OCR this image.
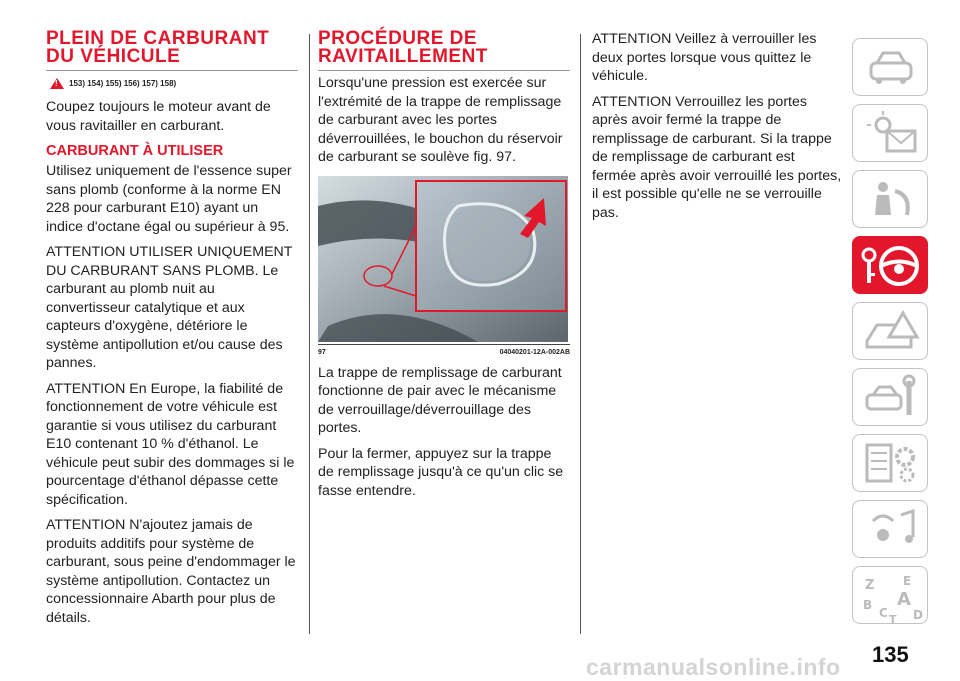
PLEIN DE CARBURANT DU VÉHICULE
! 153) 154) 155) 156) 157) 158)

Coupez toujours le moteur avant de vous ravitailler en carburant.

CARBURANT À UTILISER

Utilisez uniquement de l'essence super sans plomb (conforme à la norme EN 228 pour carburant E10) ayant un indice d'octane égal ou supérieur à 95.

ATTENTION UTILISER UNIQUEMENT DU CARBURANT SANS PLOMB. Le carburant au plomb nuit au convertisseur catalytique et aux capteurs d'oxygène, détériore le système antipollution et/ou cause des pannes.

ATTENTION En Europe, la fiabilité de fonctionnement de votre véhicule est garantie si vous utilisez du carburant E10 contenant 10 % d'éthanol. Le véhicule peut subir des dommages si le pourcentage d'éthanol dépasse cette spécification.

ATTENTION N'ajoutez jamais de produits additifs pour système de carburant, sous peine d'endommager le système antipollution. Contactez un concessionnaire Abarth pour plus de détails.

PROCÉDURE DE RAVITAILLEMENT

Lorsqu'une pression est exercée sur l'extrémité de la trappe de remplissage de carburant avec les portes déverrouillées, le bouchon du réservoir de carburant se soulève fig. 97.

97	04040201-12A-002AB

La trappe de remplissage de carburant fonctionne de pair avec le mécanisme de verrouillage/déverrouillage des portes.

Pour la fermer, appuyez sur la trappe de remplissage jusqu'à ce qu'un clic se fasse entendre.

ATTENTION Veillez à verrouiller les deux portes lorsque vous quittez le véhicule.

ATTENTION Verrouillez les portes après avoir fermé la trappe de remplissage de carburant. Si la trappe de remplissage de carburant est fermée après avoir verrouillé les portes, il est possible qu'elle ne se verrouille pas.

Z E
B A
C D
T
135
carmanualsonline.info
